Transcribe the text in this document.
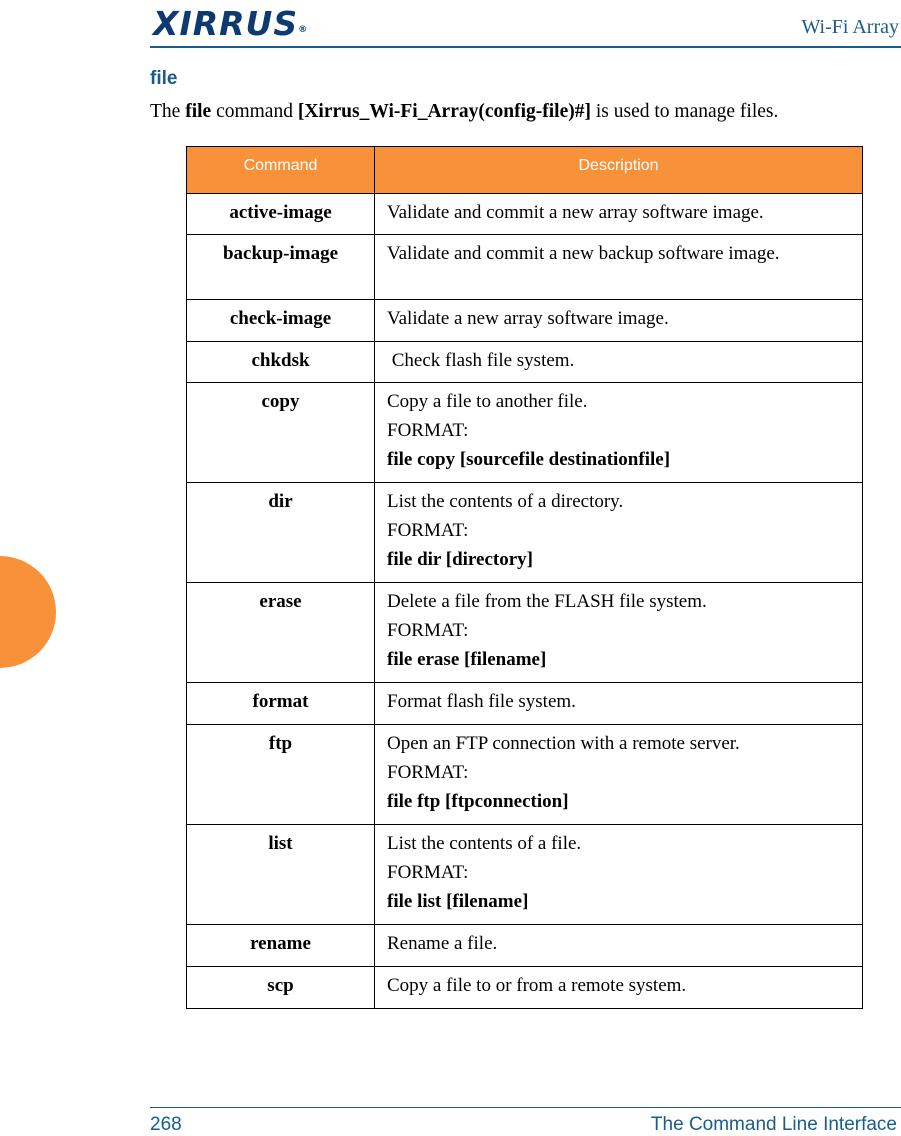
XIRRUS®	Wi-Fi Array
file
The file command [Xirrus_Wi-Fi_Array(config-file)#] is used to manage files.
Command	Description
active-image	Validate and commit a new array software image.

backup-image	Validate and commit a new backup software image.

check-image	Validate a new array software image.

chkdsk	Check flash file system.

copy	Copy a file to another file.

FORMAT:

file copy [sourcefile destinationfile]

dir	List the contents of a directory.

FORMAT:

file dir [directory]

erase	Delete a file from the FLASH file system.

FORMAT:

file erase [filename]

format	Format flash file system.

ftp	Open an FTP connection with a remote server.

FORMAT:

file ftp [ftpconnection]

list	List the contents of a file.

FORMAT:

file list [filename]

rename	Rename a file.

scp	Copy a file to or from a remote system.

268	The Command Line Interface
